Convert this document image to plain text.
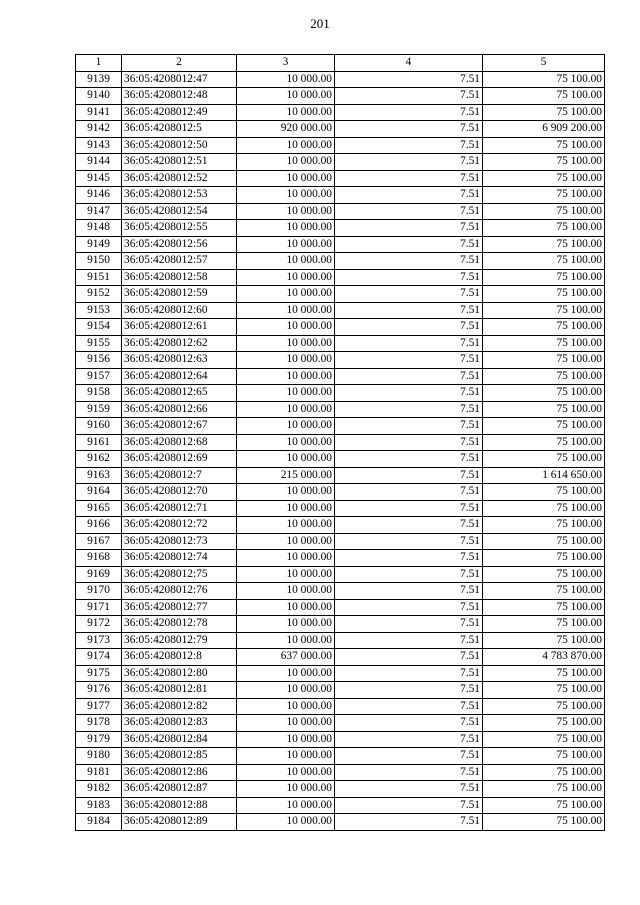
201
1	2	3	4	5
9139	36:05:4208012:47	10 000.00	7.51	75 100.00
9140	36:05:4208012:48	10 000.00	7.51	75 100.00
9141	36:05:4208012:49	10 000.00	7.51	75 100.00
9142	36:05:4208012:5	920 000.00	7.51	6 909 200.00
9143	36:05:4208012:50	10 000.00	7.51	75 100.00
9144	36:05:4208012:51	10 000.00	7.51	75 100.00
9145	36:05:4208012:52	10 000.00	7.51	75 100.00
9146	36:05:4208012:53	10 000.00	7.51	75 100.00
9147	36:05:4208012:54	10 000.00	7.51	75 100.00
9148	36:05:4208012:55	10 000.00	7.51	75 100.00
9149	36:05:4208012:56	10 000.00	7.51	75 100.00
9150	36:05:4208012:57	10 000.00	7.51	75 100.00
9151	36:05:4208012:58	10 000.00	7.51	75 100.00
9152	36:05:4208012:59	10 000.00	7.51	75 100.00
9153	36:05:4208012:60	10 000.00	7.51	75 100.00
9154	36:05:4208012:61	10 000.00	7.51	75 100.00
9155	36:05:4208012:62	10 000.00	7.51	75 100.00
9156	36:05:4208012:63	10 000.00	7.51	75 100.00
9157	36:05:4208012:64	10 000.00	7.51	75 100.00
9158	36:05:4208012:65	10 000.00	7.51	75 100.00
9159	36:05:4208012:66	10 000.00	7.51	75 100.00
9160	36:05:4208012:67	10 000.00	7.51	75 100.00
9161	36:05:4208012:68	10 000.00	7.51	75 100.00
9162	36:05:4208012:69	10 000.00	7.51	75 100.00
9163	36:05:4208012:7	215 000.00	7.51	1 614 650.00
9164	36:05:4208012:70	10 000.00	7.51	75 100.00
9165	36:05:4208012:71	10 000.00	7.51	75 100.00
9166	36:05:4208012:72	10 000.00	7.51	75 100.00
9167	36:05:4208012:73	10 000.00	7.51	75 100.00
9168	36:05:4208012:74	10 000.00	7.51	75 100.00
9169	36:05:4208012:75	10 000.00	7.51	75 100.00
9170	36:05:4208012:76	10 000.00	7.51	75 100.00
9171	36:05:4208012:77	10 000.00	7.51	75 100.00
9172	36:05:4208012:78	10 000.00	7.51	75 100.00
9173	36:05:4208012:79	10 000.00	7.51	75 100.00
9174	36:05:4208012:8	637 000.00	7.51	4 783 870.00
9175	36:05:4208012:80	10 000.00	7.51	75 100.00
9176	36:05:4208012:81	10 000.00	7.51	75 100.00
9177	36:05:4208012:82	10 000.00	7.51	75 100.00
9178	36:05:4208012:83	10 000.00	7.51	75 100.00
9179	36:05:4208012:84	10 000.00	7.51	75 100.00
9180	36:05:4208012:85	10 000.00	7.51	75 100.00
9181	36:05:4208012:86	10 000.00	7.51	75 100.00
9182	36:05:4208012:87	10 000.00	7.51	75 100.00
9183	36:05:4208012:88	10 000.00	7.51	75 100.00
9184	36:05:4208012:89	10 000.00	7.51	75 100.00
